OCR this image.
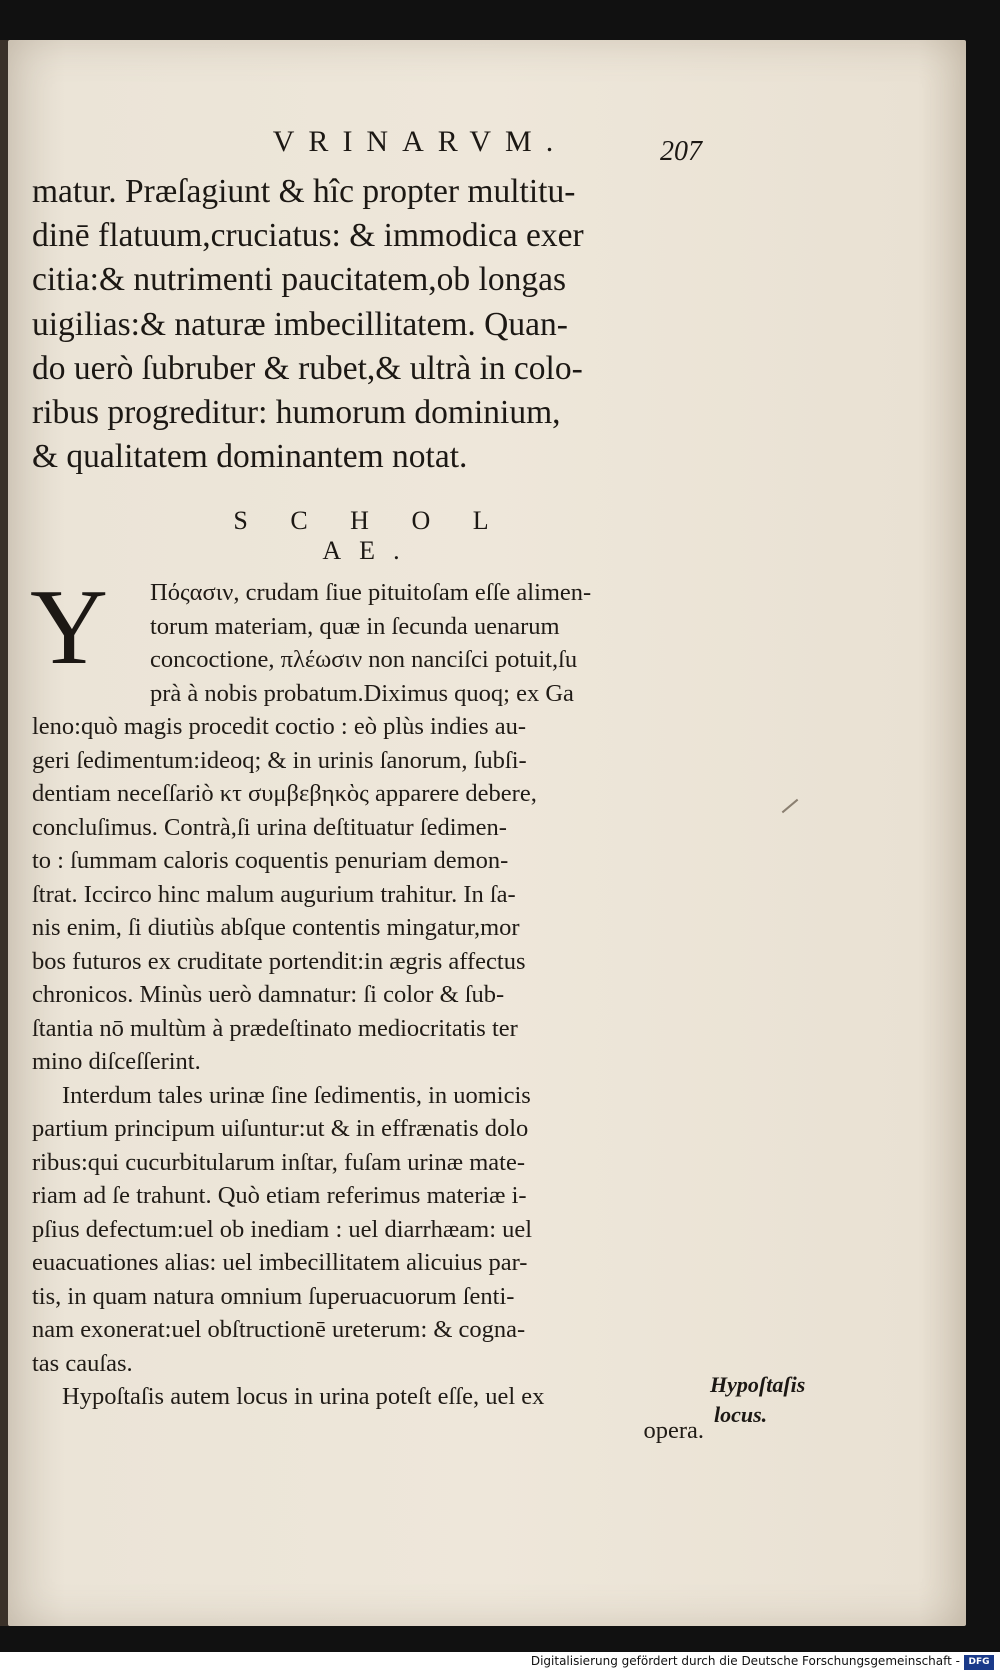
VRINARVM.	207
matur. Præſagiunt & hîc propter multitu-
dinē flatuum,cruciatus: & immodica exer
citia:& nutrimenti paucitatem,ob longas
uigilias:& naturæ imbecillitatem. Quan-
do uerò ſubruber & rubet,& ultrà in colo-
ribus progreditur: humorum dominium,
& qualitatem dominantem notat.
S C H O L AE.
Y	Πόςασιν, crudam ſiue pituitoſam eſſe alimen-
torum materiam, quæ in ſecunda uenarum
concoctione, πλέωσιν non nanciſci potuit,ſu
prà à nobis probatum.Diximus quoq; ex Ga
leno:quò magis procedit coctio : eò plùs indies au-
geri ſedimentum:ideoq; & in urinis ſanorum, ſubſi-
dentiam neceſſariò κτ συμβεβηκὸς apparere debere,
concluſimus. Contrà,ſi urina deſtituatur ſedimen-
to : ſummam caloris coquentis penuriam demon-
ſtrat. Iccirco hinc malum augurium trahitur. In ſa-
nis enim, ſi diutiùs abſque contentis mingatur,mor
bos futuros ex cruditate portendit:in ægris affectus
chronicos. Minùs uerò damnatur: ſi color & ſub-
ſtantia nō multùm à prædeſtinato mediocritatis ter
mino diſceſſerint.
Interdum tales urinæ ſine ſedimentis, in uomicis
partium principum uiſuntur:ut & in effrænatis dolo
ribus:qui cucurbitularum inſtar, fuſam urinæ mate-
riam ad ſe trahunt. Quò etiam referimus materiæ i-
pſius defectum:uel ob inediam : uel diarrhæam: uel
euacuationes alias: uel imbecillitatem alicuius par-
tis, in quam natura omnium ſuperuacuorum ſenti-
nam exonerat:uel obſtructionē ureterum: & cogna-
tas cauſas.
Hypoſtaſis autem locus in urina poteſt eſſe, uel ex
opera.
Hypoſtaſis
locus.
Digitalisierung gefördert durch die Deutsche Forschungsgemeinschaft - DFG
